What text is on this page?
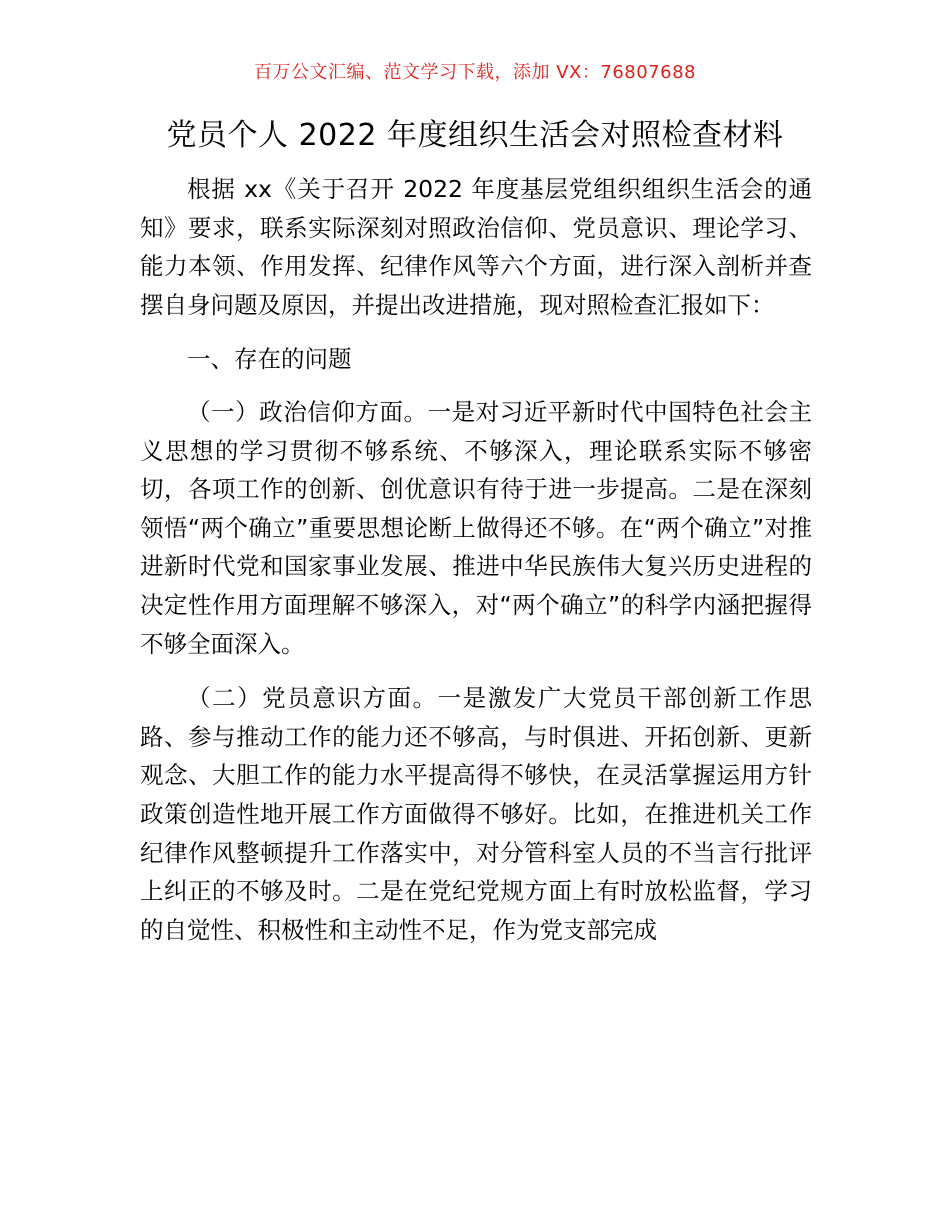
百万公文汇编、范文学习下载，添加 VX：76807688
党员个人 2022 年度组织生活会对照检查材料

根据 xx《关于召开 2022 年度基层党组织组织生活会的通知》要求，联系实际深刻对照政治信仰、党员意识、理论学习、能力本领、作用发挥、纪律作风等六个方面，进行深入剖析并查摆自身问题及原因，并提出改进措施，现对照检查汇报如下：

一、存在的问题

（一）政治信仰方面。一是对习近平新时代中国特色社会主义思想的学习贯彻不够系统、不够深入，理论联系实际不够密切，各项工作的创新、创优意识有待于进一步提高。二是在深刻领悟“两个确立”重要思想论断上做得还不够。在“两个确立”对推进新时代党和国家事业发展、推进中华民族伟大复兴历史进程的决定性作用方面理解不够深入，对“两个确立”的科学内涵把握得不够全面深入。

（二）党员意识方面。一是激发广大党员干部创新工作思路、参与推动工作的能力还不够高，与时俱进、开拓创新、更新观念、大胆工作的能力水平提高得不够快，在灵活掌握运用方针政策创造性地开展工作方面做得不够好。比如，在推进机关工作纪律作风整顿提升工作落实中，对分管科室人员的不当言行批评上纠正的不够及时。二是在党纪党规方面上有时放松监督，学习的自觉性、积极性和主动性不足，作为党支部完成
